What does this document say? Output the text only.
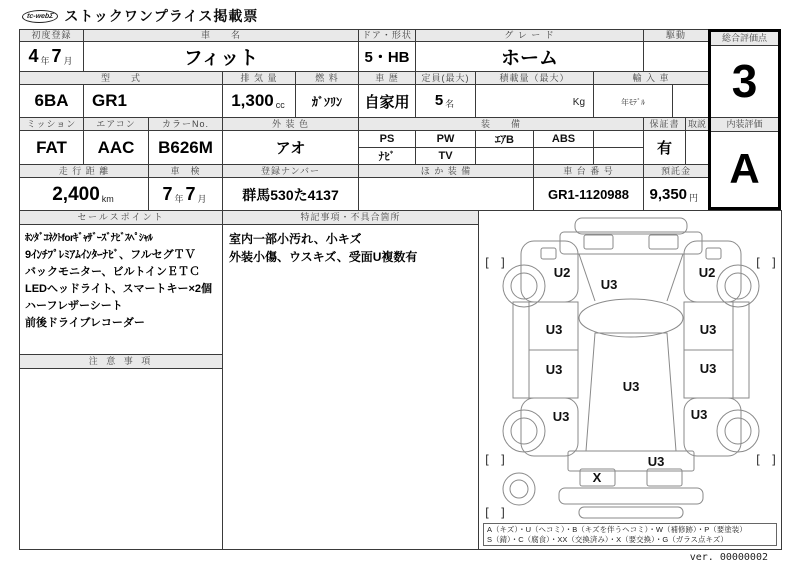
tc-webΣ ストックワンプライス掲載票
初度登録	車　　名				ドア・形状	グ レ ー ド				駆動		
4 年 7 月	フィット				5・HB	ホーム						
型　　式			排 気 量	燃 料	車 歴	定員(最大)	積載量（最大）		輸 入 車			
6BA	GR1		1,300 cc	ｶﾞｿﾘﾝ	自家用	5 名	Kg		年ﾓﾃﾞﾙ			
ミッション	エアコン	カラーNo.	外 装 色		装　　備					保証書		取説
FAT	AAC	B626M	アオ		PS	PW	ｴｱB	ABS		有		
					ﾅﾋﾞ	TV						
走 行 距 離		車　検	登録ナンバー		ほ か 装 備			車 台 番 号		預託金		
2,400 km		7 年 7 月	群馬530た4137					GR1-1120988		9,350 円		
総合評価点
3
内装評価
A
セールスポイント
ﾎﾝﾀﾞｺﾈｸﾄforｷﾞｬｻﾞｰｽﾞﾅﾋﾞｽﾍﾟｼｬﾙ
9ｲﾝﾁﾌﾟﾚﾐｱﾑｲﾝﾀｰﾅﾋﾞ、フルセグＴＶ
バックモニター、ビルトインＥＴＣ
LEDヘッドライト、スマートキー×2個
ハーフレザーシート
前後ドライブレコーダー
注 意 事 項
特記事項・不具合箇所
室内一部小汚れ、小キズ
外装小傷、ウスキズ、受面U複数有	[ ]	[ ]
[ ]	[ ]
[ ]
U2	U2
U3
U3	U3
U3	U3
U3
U3	U3
U3
X
A（キズ）・U（ヘコミ）・B（キズを伴うヘコミ）・W（補修跡）・P（要塗装）
S（錆）・C（腐食）・XX（交換済み）・X（要交換）・G（ガラス点キズ）
ver. 00000002
